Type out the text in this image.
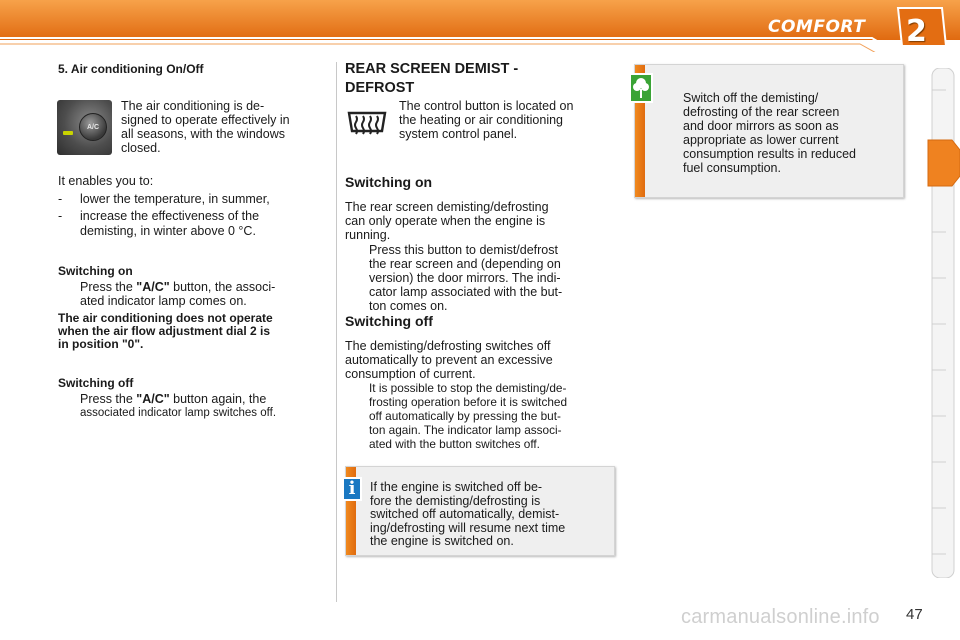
COMFORT 2
5. Air conditioning On/Off
A/C
The air conditioning is de-
signed to operate effectively in
all seasons, with the windows
closed.
It enables you to:
- lower the temperature, in summer,
- increase the effectiveness of the
demisting, in winter above 0 °C.
Switching on
Press the "A/C" button, the associ-
ated indicator lamp comes on.
The air conditioning does not operate
when the air flow adjustment dial 2 is
in position "0".
Switching off
Press the "A/C" button again, the
associated indicator lamp switches off.
REAR SCREEN DEMIST -
DEFROST
The control button is located on
the heating or air conditioning
system control panel.
Switching on
The rear screen demisting/defrosting
can only operate when the engine is
running.
Press this button to demist/defrost
the rear screen and (depending on
version) the door mirrors. The indi-
cator lamp associated with the but-
ton comes on.
Switching off
The demisting/defrosting switches off
automatically to prevent an excessive
consumption of current.
It is possible to stop the demisting/de-
frosting operation before it is switched
off automatically by pressing the but-
ton again. The indicator lamp associ-
ated with the button switches off.
i	If the engine is switched off be-
fore the demisting/defrosting is
switched off automatically, demist-
ing/defrosting will resume next time
the engine is switched on.
Switch off the demisting/
defrosting of the rear screen
and door mirrors as soon as
appropriate as lower current
consumption results in reduced
fuel consumption.
carmanualsonline.info 47
